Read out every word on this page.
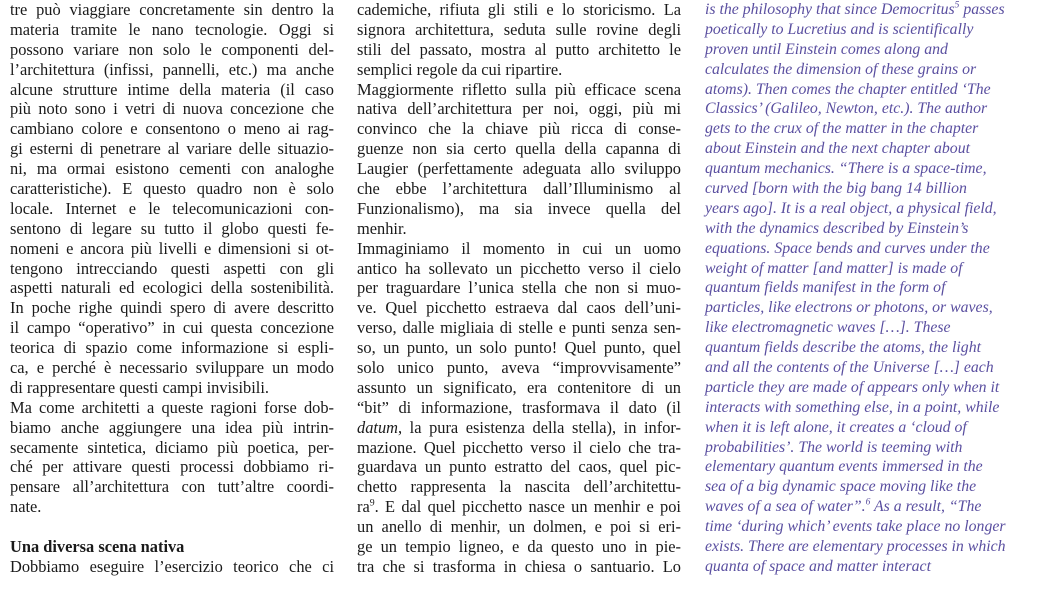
tre può viaggiare concretamente sin dentro la
materia tramite le nano tecnologie. Oggi si
possono variare non solo le componenti del-
l’architettura (infissi, pannelli, etc.) ma anche
alcune strutture intime della materia (il caso
più noto sono i vetri di nuova concezione che
cambiano colore e consentono o meno ai rag-
gi esterni di penetrare al variare delle situazio-
ni, ma ormai esistono cementi con analoghe
caratteristiche). E questo quadro non è solo
locale. Internet e le telecomunicazioni con-
sentono di legare su tutto il globo questi fe-
nomeni e ancora più livelli e dimensioni si ot-
tengono intrecciando questi aspetti con gli
aspetti naturali ed ecologici della sostenibilità.
In poche righe quindi spero di avere descritto
il campo “operativo” in cui questa concezione
teorica di spazio come informazione si espli-
ca, e perché è necessario sviluppare un modo
di rappresentare questi campi invisibili.
Ma come architetti a queste ragioni forse dob-
biamo anche aggiungere una idea più intrin-
secamente sintetica, diciamo più poetica, per-
ché per attivare questi processi dobbiamo ri-
pensare all’architettura con tutt’altre coordi-
nate.
Una diversa scena nativa
Dobbiamo eseguire l’esercizio teorico che ci
cademiche, rifiuta gli stili e lo storicismo. La
signora architettura, seduta sulle rovine degli
stili del passato, mostra al putto architetto le
semplici regole da cui ripartire.
Maggiormente rifletto sulla più efficace scena
nativa dell’architettura per noi, oggi, più mi
convinco che la chiave più ricca di conse-
guenze non sia certo quella della capanna di
Laugier (perfettamente adeguata allo sviluppo
che ebbe l’architettura dall’Illuminismo al
Funzionalismo), ma sia invece quella del
menhir.
Immaginiamo il momento in cui un uomo
antico ha sollevato un picchetto verso il cielo
per traguardare l’unica stella che non si muo-
ve. Quel picchetto estraeva dal caos dell’uni-
verso, dalle migliaia di stelle e punti senza sen-
so, un punto, un solo punto! Quel punto, quel
solo unico punto, aveva “improvvisamente”
assunto un significato, era contenitore di un
“bit” di informazione, trasformava il dato (il
datum, la pura esistenza della stella), in infor-
mazione. Quel picchetto verso il cielo che tra-
guardava un punto estratto del caos, quel pic-
chetto rappresenta la nascita dell’architettu-
$ra^9$. E dal quel picchetto nasce un menhir e poi
un anello di menhir, un dolmen, e poi si eri-
ge un tempio ligneo, e da questo uno in pie-
tra che si trasforma in chiesa o santuario. Lo
is the philosophy that since Democritus$^5$ passes
poetically to Lucretius and is scientifically
proven until Einstein comes along and
calculates the dimension of these grains or
atoms). Then comes the chapter entitled ‘The
Classics’ (Galileo, Newton, etc.). The author
gets to the crux of the matter in the chapter
about Einstein and the next chapter about
quantum mechanics. “There is a space-time,
curved [born with the big bang 14 billion
years ago]. It is a real object, a physical field,
with the dynamics described by Einstein’s
equations. Space bends and curves under the
weight of matter [and matter] is made of
quantum fields manifest in the form of
particles, like electrons or photons, or waves,
like electromagnetic waves […]. These
quantum fields describe the atoms, the light
and all the contents of the Universe […] each
particle they are made of appears only when it
interacts with something else, in a point, while
when it is left alone, it creates a ‘cloud of
probabilities’. The world is teeming with
elementary quantum events immersed in the
sea of a big dynamic space moving like the
waves of a sea of water”.$^6$ As a result, “The
time ‘during which’ events take place no longer
exists. There are elementary processes in which
quanta of space and matter interact
